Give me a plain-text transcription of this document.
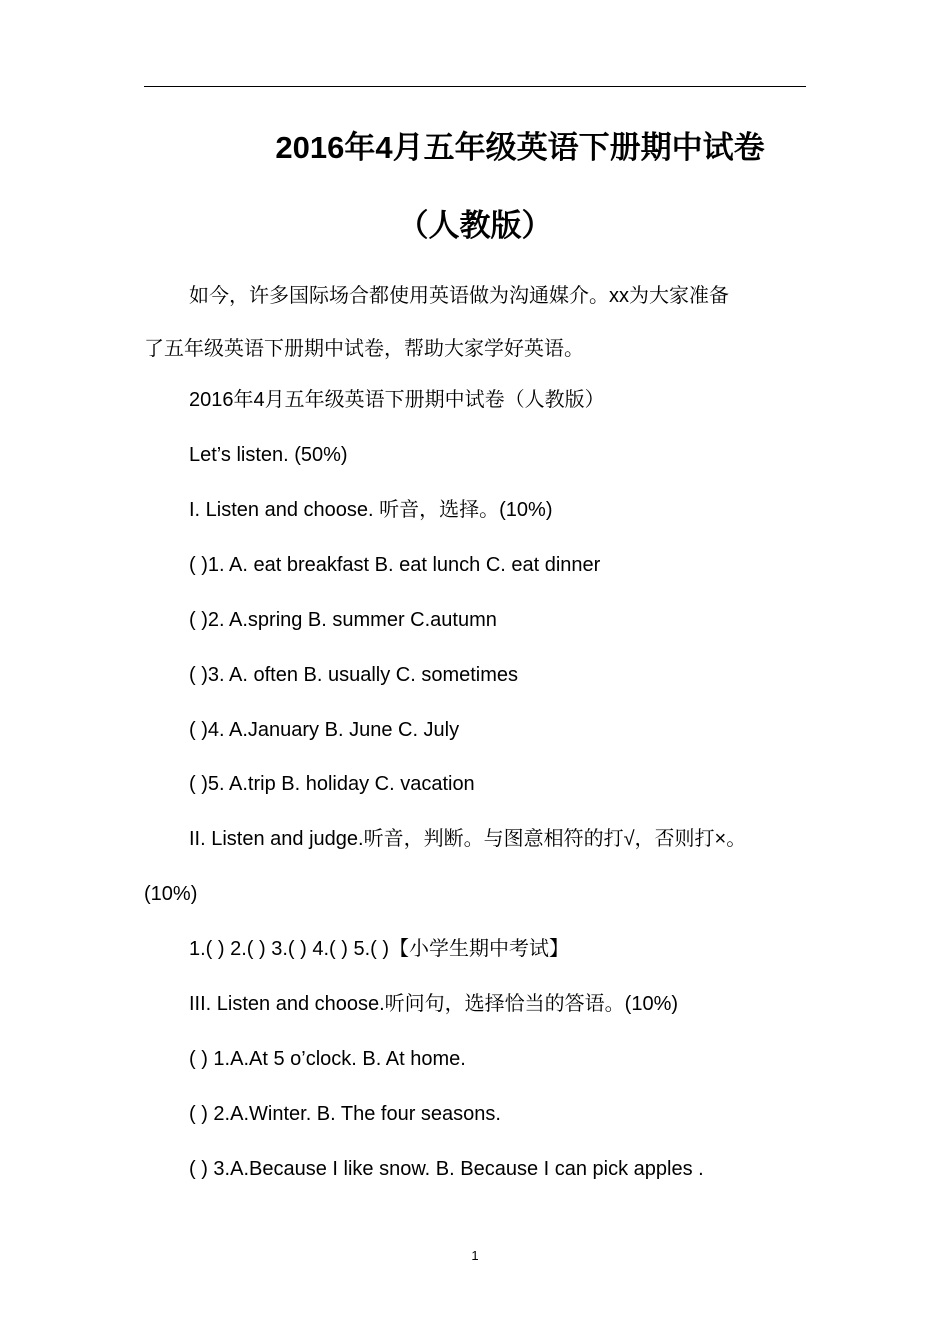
2016年4月五年级英语下册期中试卷
（人教版）
如今，许多国际场合都使用英语做为沟通媒介。xx为大家准备
了五年级英语下册期中试卷，帮助大家学好英语。
2016年4月五年级英语下册期中试卷（人教版）
Let’s listen. (50%)
I. Listen and choose. 听音，选择。(10%)
( )1. A. eat breakfast B. eat lunch C. eat dinner
( )2. A.spring B. summer C.autumn
( )3. A. often B. usually C. sometimes
( )4. A.January B. June C. July
( )5. A.trip B. holiday C. vacation
II. Listen and judge.听音，判断。与图意相符的打√，否则打×。
(10%)
1.( ) 2.( ) 3.( ) 4.( ) 5.( )【小学生期中考试】
III. Listen and choose.听问句，选择恰当的答语。(10%)
( ) 1.A.At 5 o’clock. B. At home.
( ) 2.A.Winter. B. The four seasons.
( ) 3.A.Because I like snow. B. Because I can pick apples .
1
